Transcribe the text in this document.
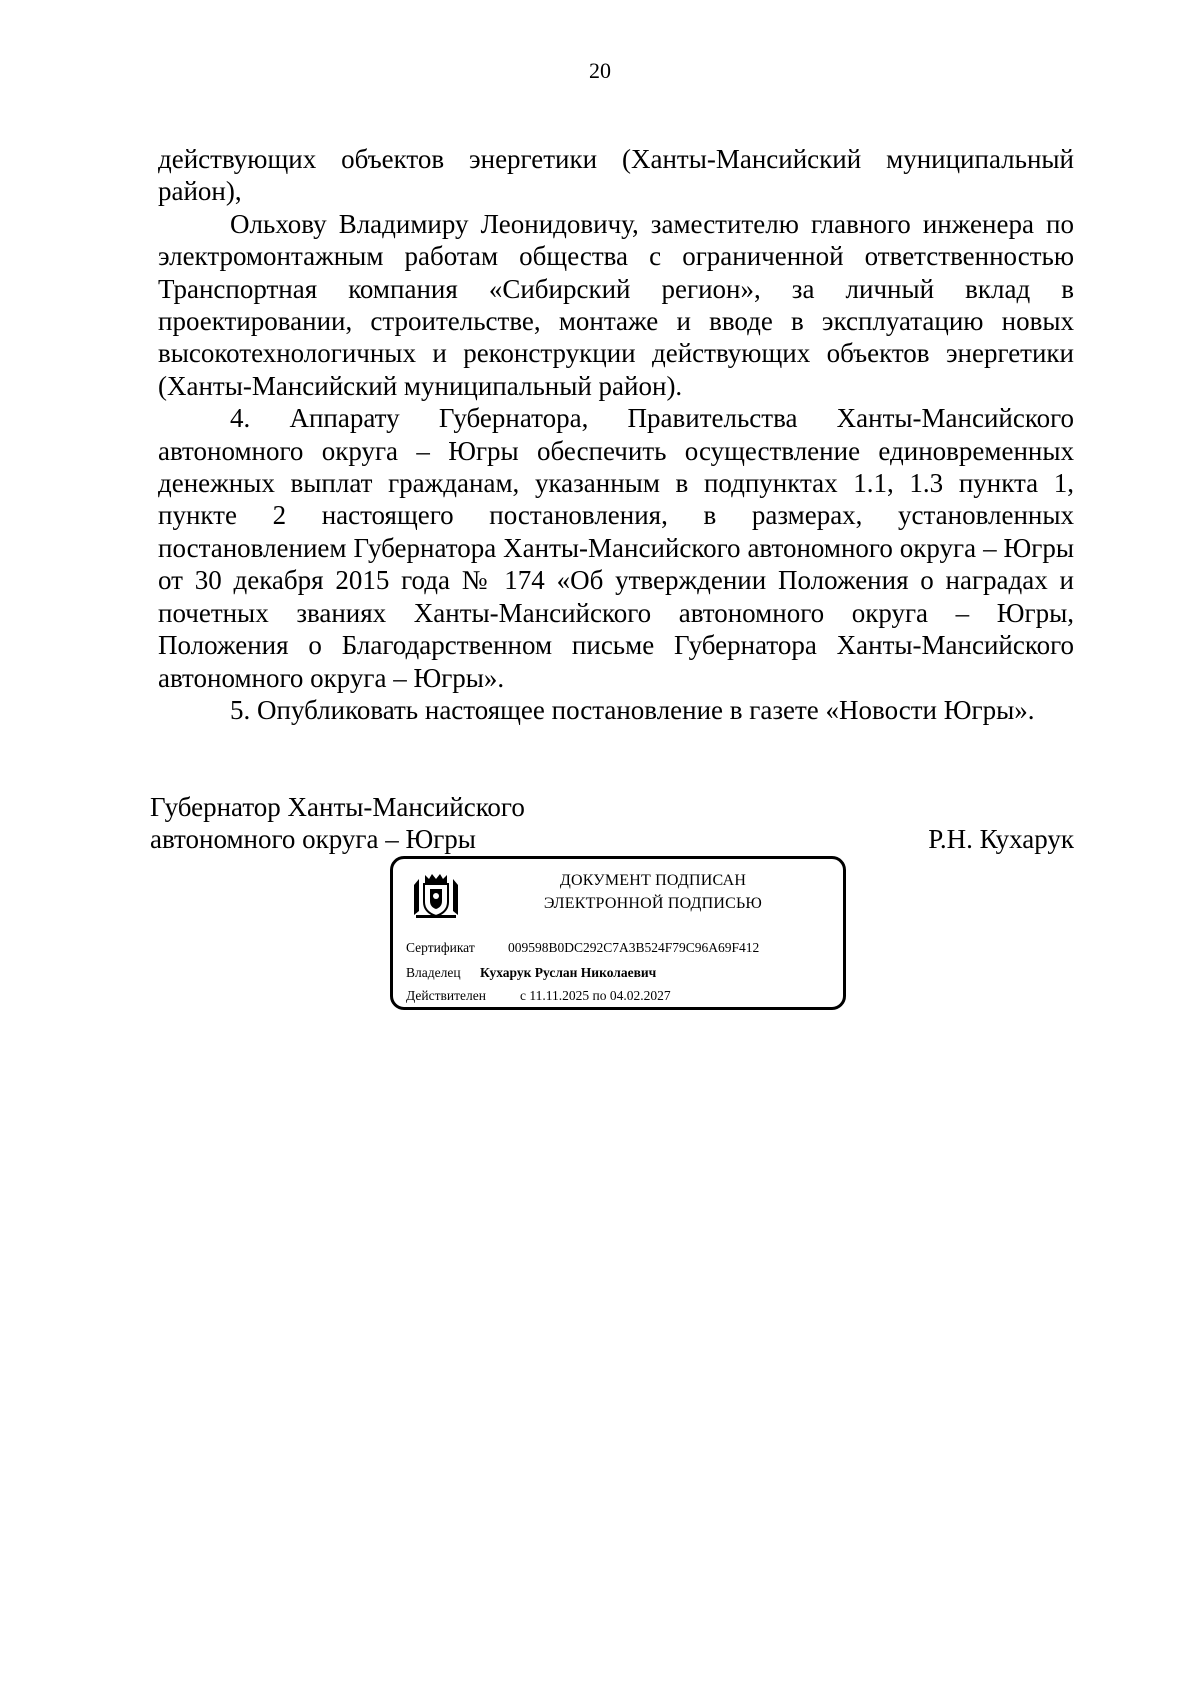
20

действующих объектов энергетики (Ханты-Мансийский муниципальный район),

Ольхову Владимиру Леонидовичу, заместителю главного инженера по электромонтажным работам общества с ограниченной ответственностью Транспортная компания «Сибирский регион», за личный вклад в проектировании, строительстве, монтаже и вводе в эксплуатацию новых высокотехнологичных и реконструкции действующих объектов энергетики (Ханты-Мансийский муниципальный район).

4. Аппарату Губернатора, Правительства Ханты-Мансийского автономного округа – Югры обеспечить осуществление единовременных денежных выплат гражданам, указанным в подпунктах 1.1, 1.3 пункта 1, пункте 2 настоящего постановления, в размерах, установленных постановлением Губернатора Ханты-Мансийского автономного округа – Югры от 30 декабря 2015 года № 174 «Об утверждении Положения о наградах и почетных званиях Ханты-Мансийского автономного округа – Югры, Положения о Благодарственном письме Губернатора Ханты-Мансийского автономного округа – Югры».

5. Опубликовать настоящее постановление в газете «Новости Югры».

Губернатор Ханты-Мансийского
автономного округа – Югры	Р.Н. Кухарук
ДОКУМЕНТ ПОДПИСАН
ЭЛЕКТРОННОЙ ПОДПИСЬЮ
Сертификат 009598B0DC292C7A3B524F79C96A69F412
Владелец Кухарук Руслан Николаевич
Действителен	с 11.11.2025 по 04.02.2027
